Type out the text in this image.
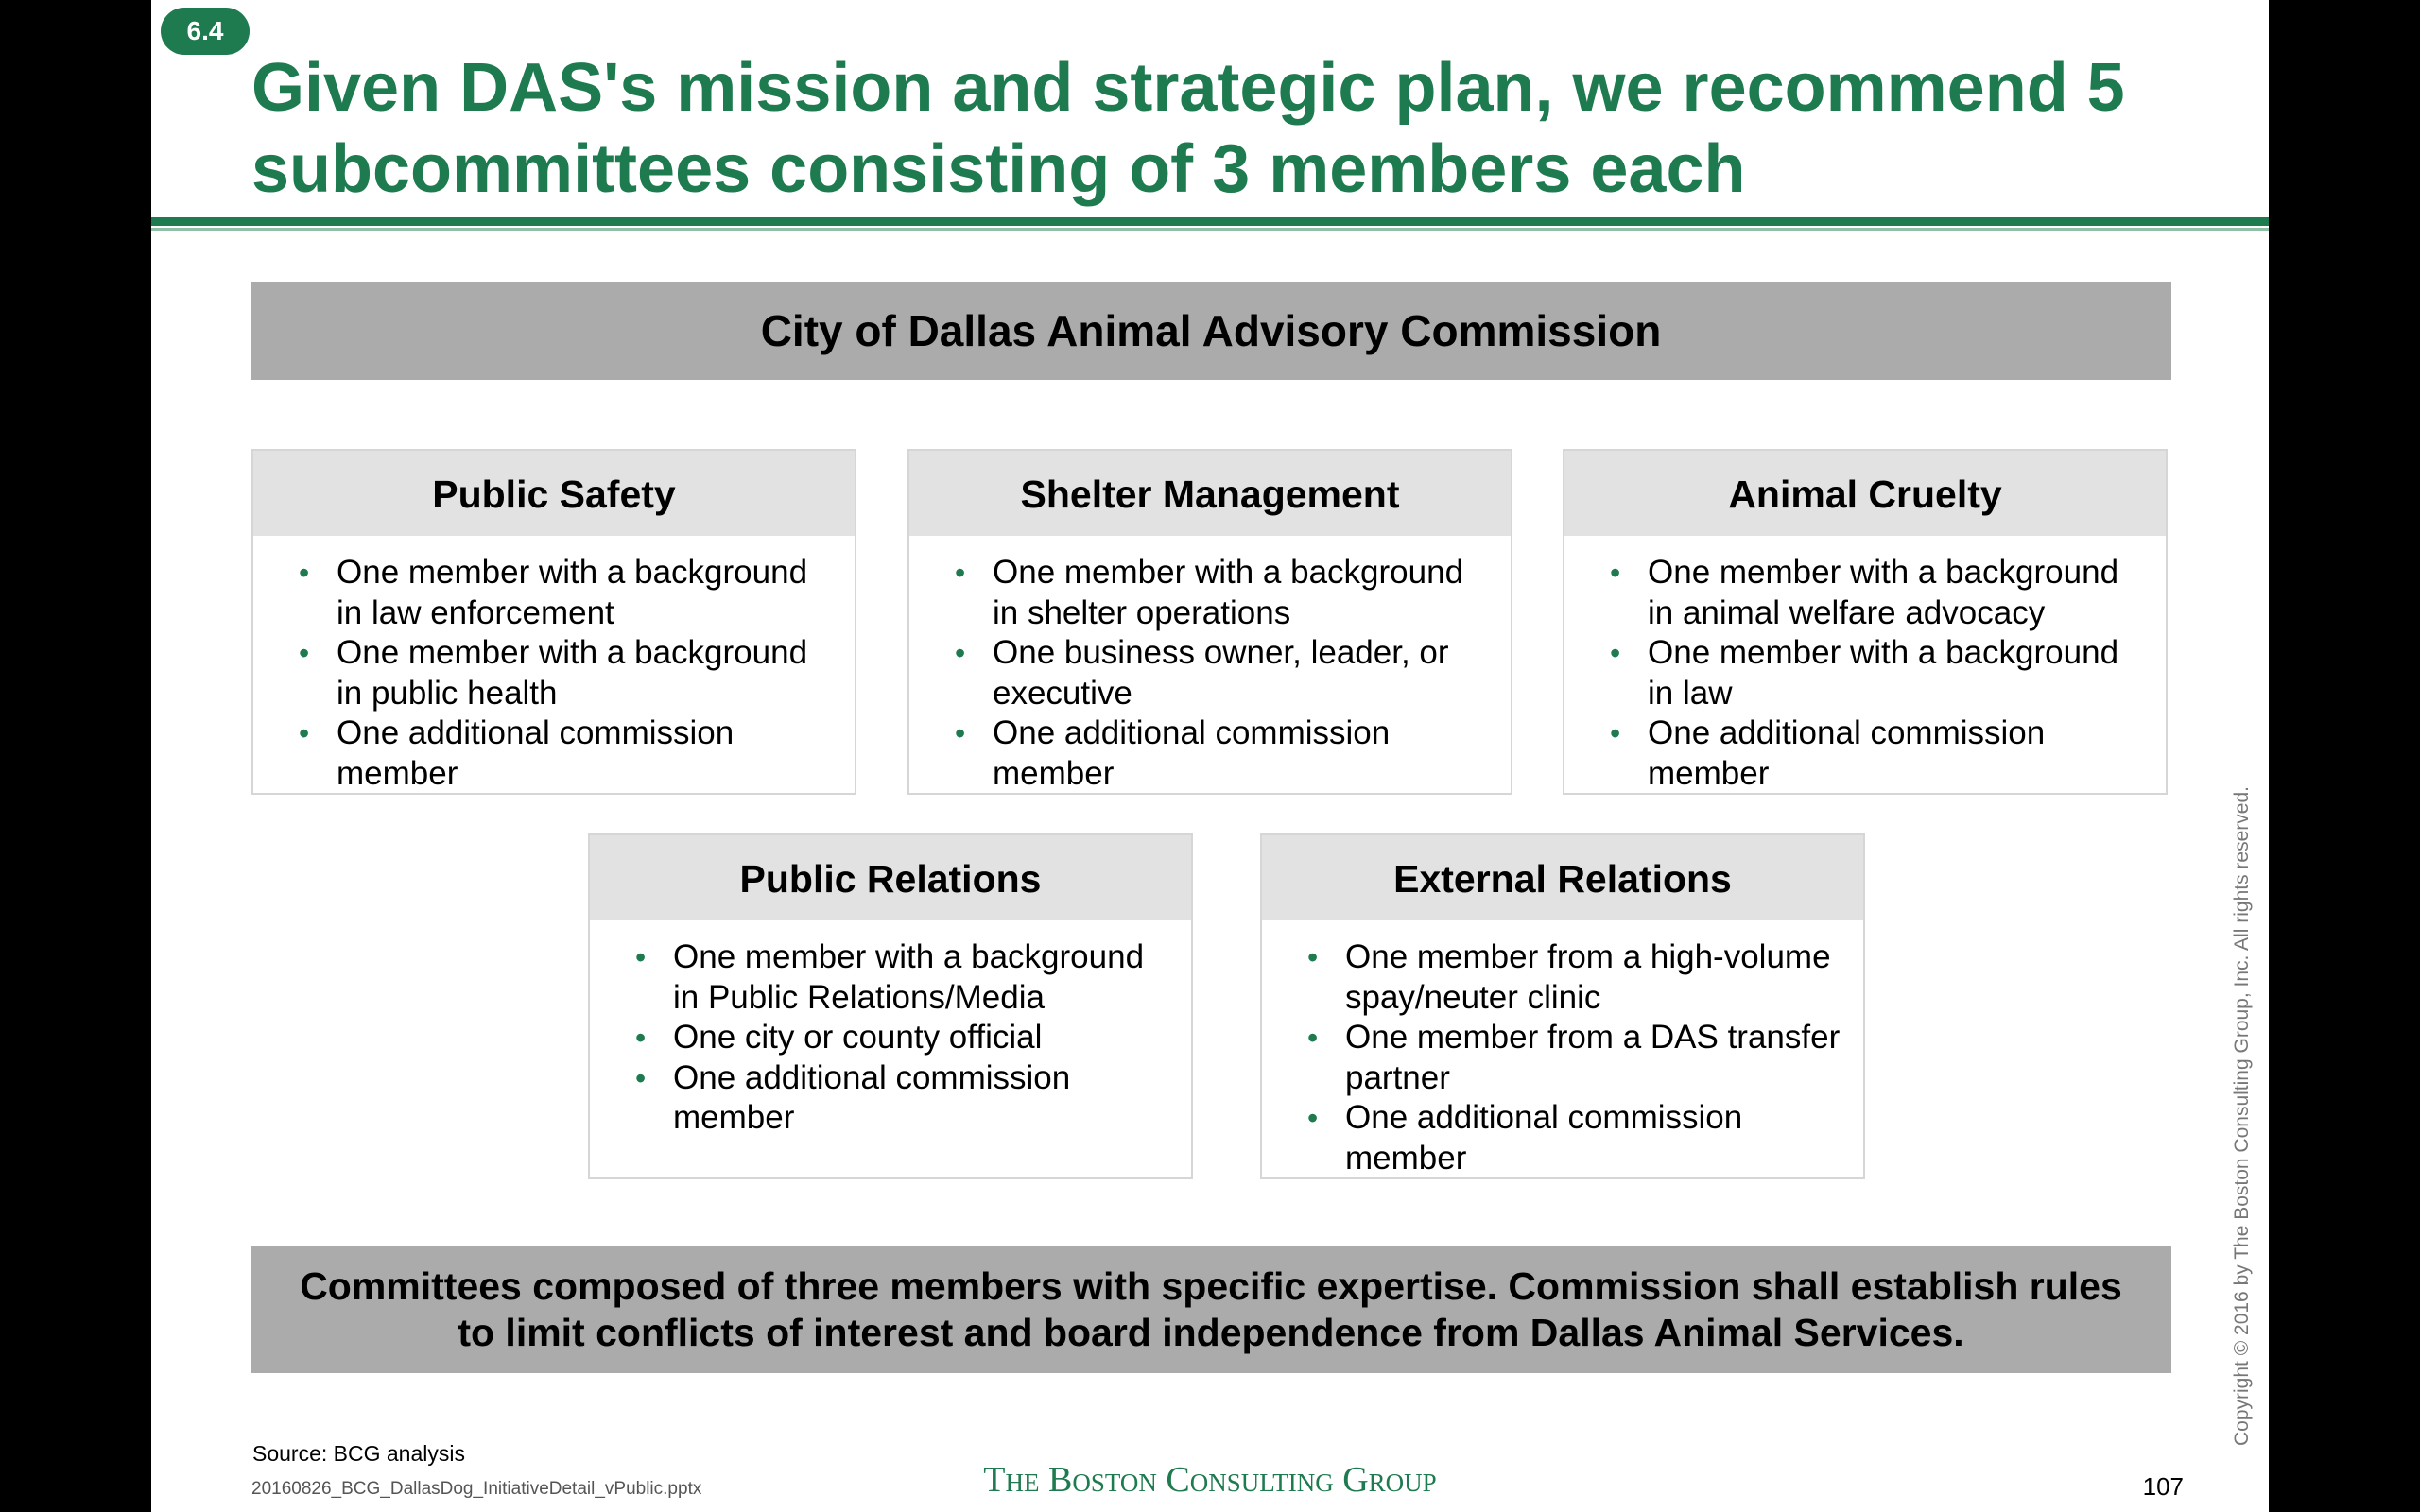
6.4
Given DAS's mission and strategic plan, we recommend 5
subcommittees consisting of 3 members each
City of Dallas Animal Advisory Commission
Public Safety
• One member with a background in law enforcement
• One member with a background in public health
• One additional commission member
Shelter Management
• One member with a background in shelter operations
• One business owner, leader, or executive
• One additional commission member
Animal Cruelty
• One member with a background in animal welfare advocacy
• One member with a background in law
• One additional commission member
Public Relations
• One member with a background in Public Relations/Media
• One city or county official
• One additional commission member
External Relations
• One member from a high-volume spay/neuter clinic
• One member from a DAS transfer partner
• One additional commission member
Committees composed of three members with specific expertise. Commission shall establish rules
to limit conflicts of interest and board independence from Dallas Animal Services.
Source: BCG analysis
20160826_BCG_DallasDog_InitiativeDetail_vPublic.pptx	The Boston Consulting Group	107
Copyright © 2016 by The Boston Consulting Group, Inc. All rights reserved.
